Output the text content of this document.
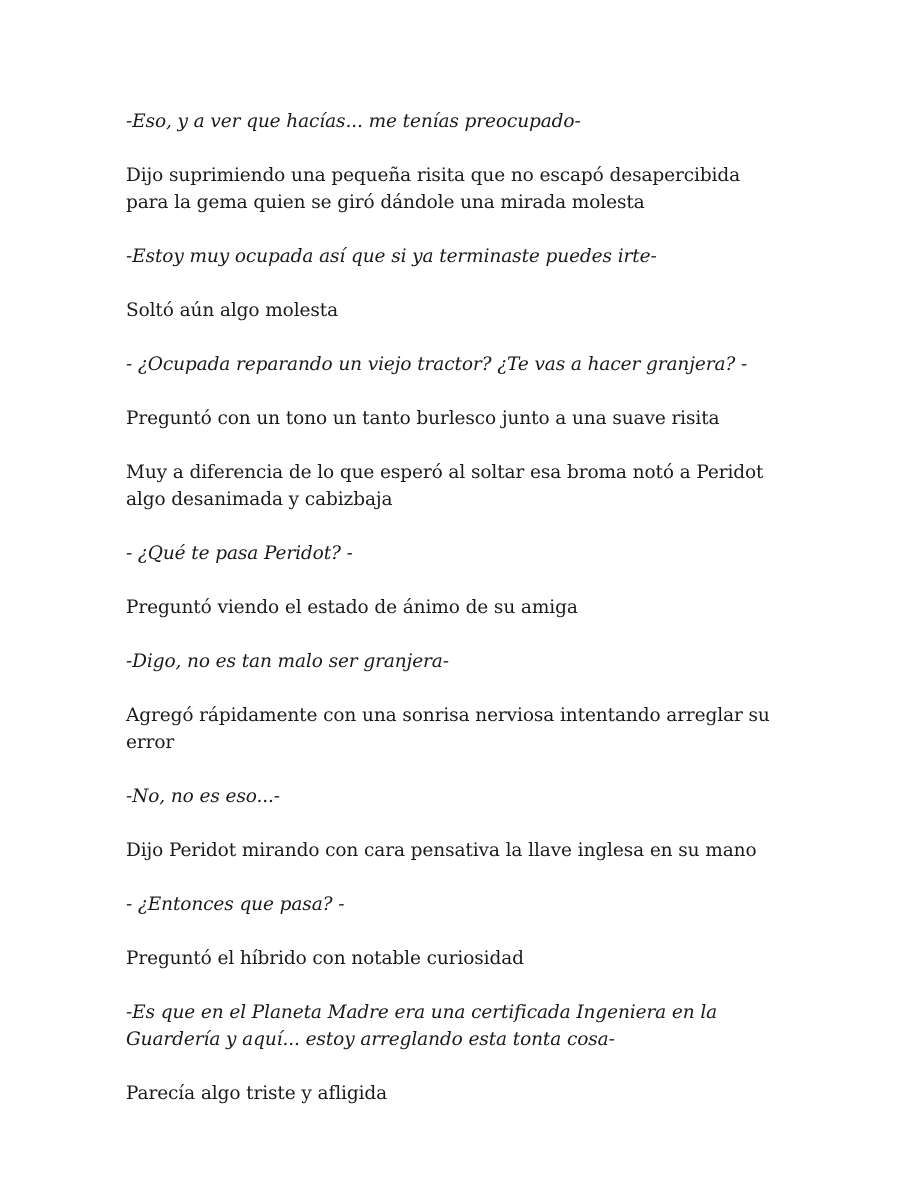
-Eso, y a ver que hacías... me tenías preocupado-

Dijo suprimiendo una pequeña risita que no escapó desapercibida para la gema quien se giró dándole una mirada molesta

-Estoy muy ocupada así que si ya terminaste puedes irte-

Soltó aún algo molesta

- ¿Ocupada reparando un viejo tractor? ¿Te vas a hacer granjera? -

Preguntó con un tono un tanto burlesco junto a una suave risita

Muy a diferencia de lo que esperó al soltar esa broma notó a Peridot algo desanimada y cabizbaja

- ¿Qué te pasa Peridot? -

Preguntó viendo el estado de ánimo de su amiga

-Digo, no es tan malo ser granjera-

Agregó rápidamente con una sonrisa nerviosa intentando arreglar su error

-No, no es eso...-

Dijo Peridot mirando con cara pensativa la llave inglesa en su mano

- ¿Entonces que pasa? -

Preguntó el híbrido con notable curiosidad

-Es que en el Planeta Madre era una certificada Ingeniera en la Guardería y aquí... estoy arreglando esta tonta cosa-

Parecía algo triste y afligida
